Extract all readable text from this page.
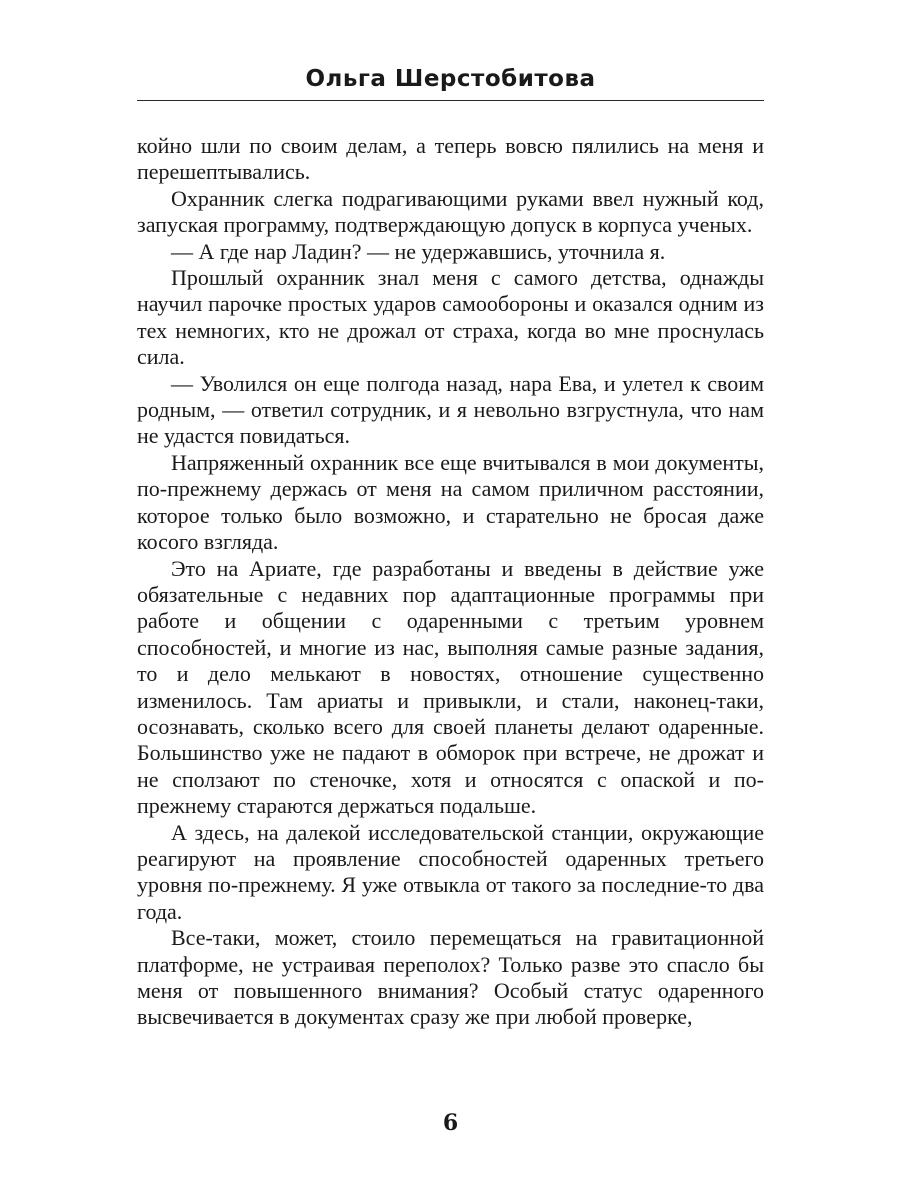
Ольга Шерстобитова

койно шли по своим делам, а теперь вовсю пялились на меня и перешептывались.

Охранник слегка подрагивающими руками ввел нужный код, запуская программу, подтверждающую допуск в корпуса ученых.

— А где нар Ладин? — не удержавшись, уточнила я.

Прошлый охранник знал меня с самого детства, однажды научил парочке простых ударов самообороны и оказался одним из тех немногих, кто не дрожал от страха, когда во мне проснулась сила.

— Уволился он еще полгода назад, нара Ева, и улетел к своим родным, — ответил сотрудник, и я невольно взгрустнула, что нам не удастся повидаться.

Напряженный охранник все еще вчитывался в мои документы, по-прежнему держась от меня на самом приличном расстоянии, которое только было возможно, и старательно не бросая даже косого взгляда.

Это на Ариате, где разработаны и введены в действие уже обязательные с недавних пор адаптационные программы при работе и общении с одаренными с третьим уровнем способностей, и многие из нас, выполняя самые разные задания, то и дело мелькают в новостях, отношение существенно изменилось. Там ариаты и привыкли, и стали, наконец-таки, осознавать, сколько всего для своей планеты делают одаренные. Большинство уже не падают в обморок при встрече, не дрожат и не сползают по стеночке, хотя и относятся с опаской и по-прежнему стараются держаться подальше.

А здесь, на далекой исследовательской станции, окружающие реагируют на проявление способностей одаренных третьего уровня по-прежнему. Я уже отвыкла от такого за последние-то два года.

Все-таки, может, стоило перемещаться на гравитационной платформе, не устраивая переполох? Только разве это спасло бы меня от повышенного внимания? Особый статус одаренного высвечивается в документах сразу же при любой проверке,

6
